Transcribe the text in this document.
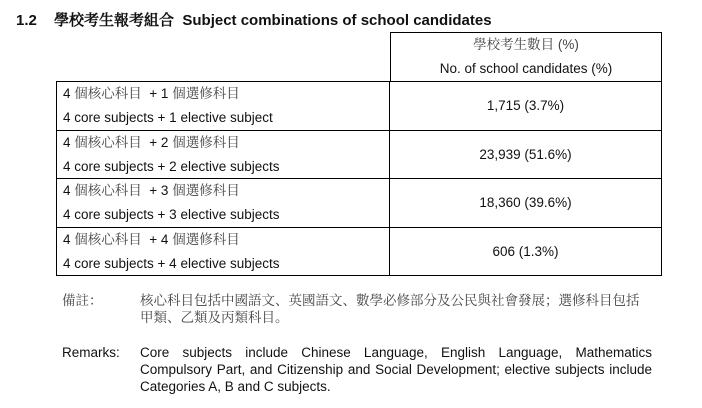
1.2 學校考生報考組合 Subject combinations of school candidates
學校考生數目 (%)
No. of school candidates (%)
4 個核心科目 + 1 個選修科目
4 core subjects + 1 elective subject
1,715 (3.7%)
4 個核心科目 + 2 個選修科目
4 core subjects + 2 elective subjects
23,939 (51.6%)
4 個核心科目 + 3 個選修科目
4 core subjects + 3 elective subjects
18,360 (39.6%)
4 個核心科目 + 4 個選修科目
4 core subjects + 4 elective subjects
606 (1.3%)
備註：	核心科目包括中國語文、英國語文、數學必修部分及公民與社會發展；選修科目包括甲類、乙類及丙類科目。
Remarks: Core subjects include Chinese Language, English Language, Mathematics Compulsory Part, and Citizenship and Social Development; elective subjects include Categories A, B and C subjects.
